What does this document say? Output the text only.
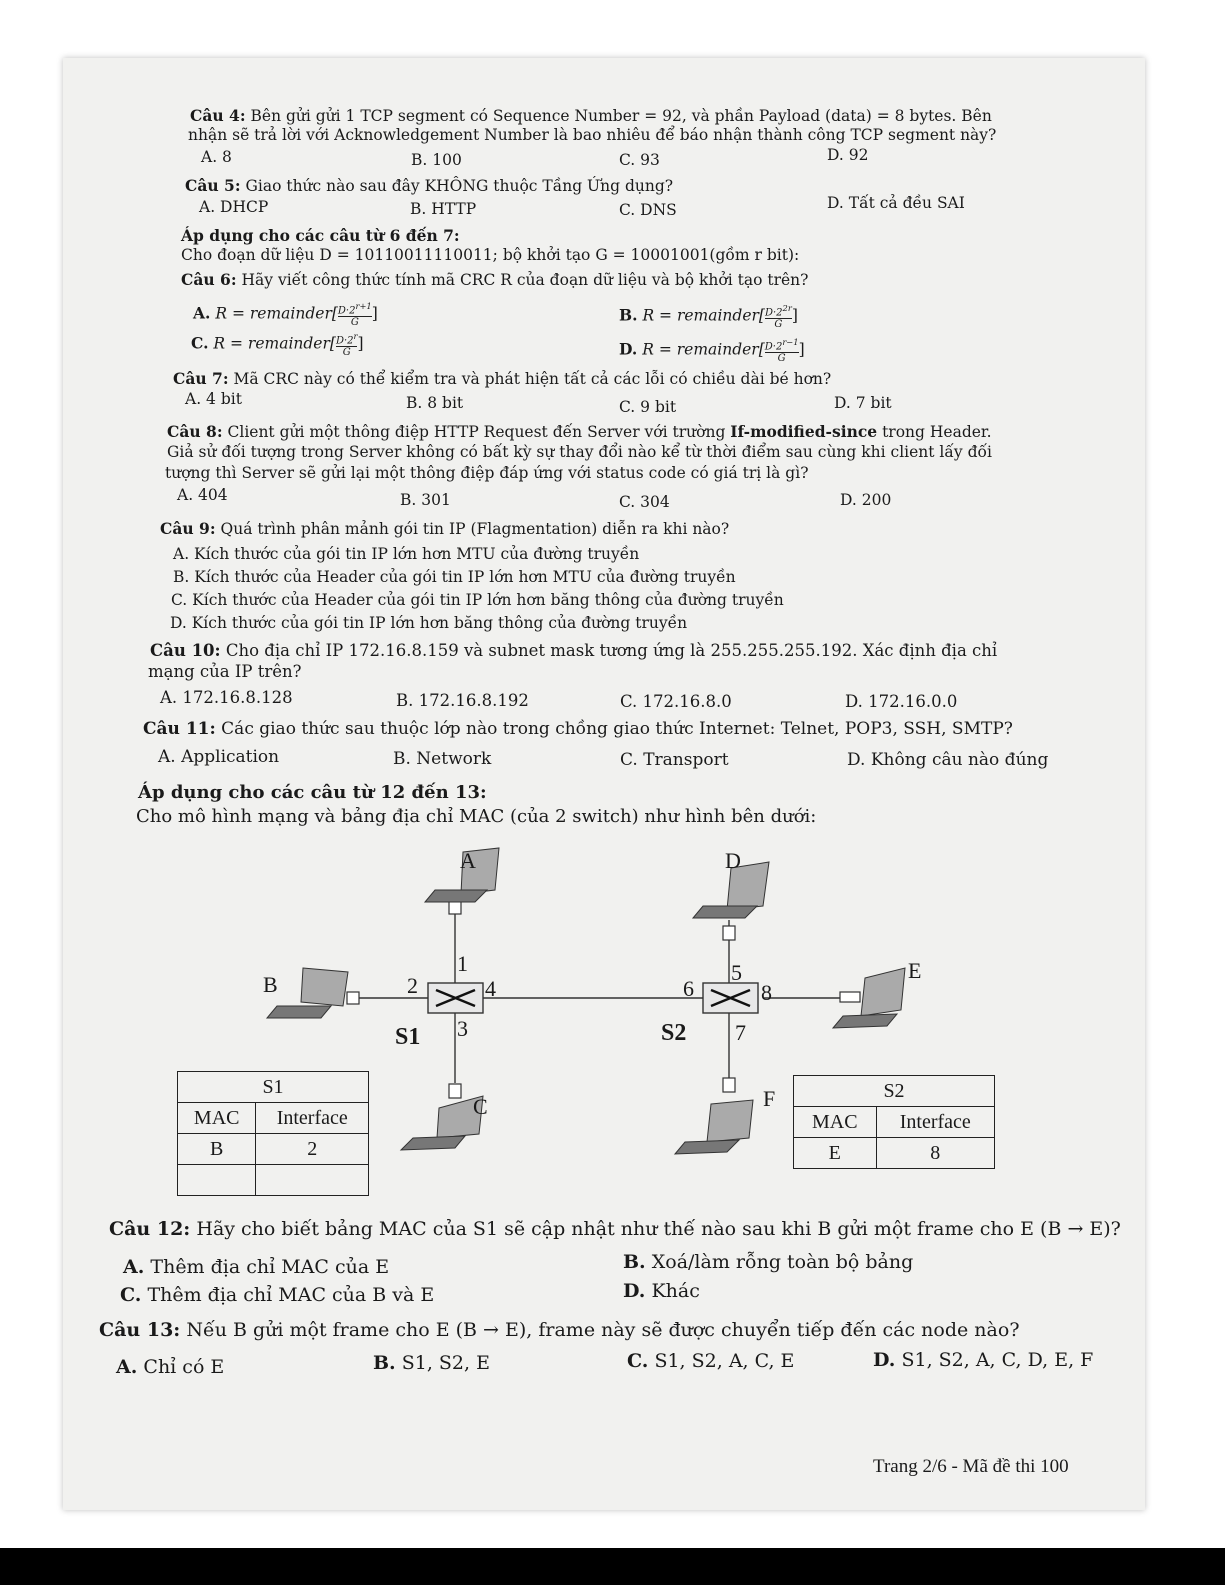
Câu 4: Bên gửi gửi 1 TCP segment có Sequence Number = 92, và phần Payload (data) = 8 bytes. Bên
nhận sẽ trả lời với Acknowledgement Number là bao nhiêu để báo nhận thành công TCP segment này?
A. 8	B. 100	C. 93	D. 92
Câu 5: Giao thức nào sau đây KHÔNG thuộc Tầng Ứng dụng?
A. DHCP	B. HTTP	C. DNS	D. Tất cả đều SAI
Áp dụng cho các câu từ 6 đến 7:
Cho đoạn dữ liệu D = 10110011110011; bộ khởi tạo G = 10001001(gồm r bit):
Câu 6: Hãy viết công thức tính mã CRC R của đoạn dữ liệu và bộ khởi tạo trên?
A. R = remainder[ $\frac{D\cdot 2^{r+1}}{G}$]	B. R = remainder[ $\frac{D\cdot 2^{2r}}{G}$]
C. R = remainder[ $\frac{D\cdot 2^r}{G}$]	D. R = remainder[ $\frac{D\cdot 2^{r-1}}{G}$]
Câu 7: Mã CRC này có thể kiểm tra và phát hiện tất cả các lỗi có chiều dài bé hơn?
A. 4 bit	B. 8 bit	C. 9 bit	D. 7 bit
Câu 8: Client gửi một thông điệp HTTP Request đến Server với trường If-modified-since trong Header.
Giả sử đối tượng trong Server không có bất kỳ sự thay đổi nào kể từ thời điểm sau cùng khi client lấy đối
tượng thì Server sẽ gửi lại một thông điệp đáp ứng với status code có giá trị là gì?
A. 404	B. 301	C. 304	D. 200
Câu 9: Quá trình phân mảnh gói tin IP (Flagmentation) diễn ra khi nào?
A. Kích thước của gói tin IP lớn hơn MTU của đường truyền
B. Kích thước của Header của gói tin IP lớn hơn MTU của đường truyền
C. Kích thước của Header của gói tin IP lớn hơn băng thông của đường truyền
D. Kích thước của gói tin IP lớn hơn băng thông của đường truyền
Câu 10: Cho địa chỉ IP 172.16.8.159 và subnet mask tương ứng là 255.255.255.192. Xác định địa chỉ
mạng của IP trên?
A. 172.16.8.128	B. 172.16.8.192	C. 172.16.8.0	D. 172.16.0.0
Câu 11: Các giao thức sau thuộc lớp nào trong chồng giao thức Internet: Telnet, POP3, SSH, SMTP?
A. Application	B. Network	C. Transport	D. Không câu nào đúng
Áp dụng cho các câu từ 12 đến 13:
Cho mô hình mạng và bảng địa chỉ MAC (của 2 switch) như hình bên dưới:
A	D
B
E
C	F
S1	S2
1
2
3
4
5
6
7
8
S1	
MAC	Interface
B	2

S2	
MAC	Interface
E	8
Câu 12: Hãy cho biết bảng MAC của S1 sẽ cập nhật như thế nào sau khi B gửi một frame cho E (B → E)?
A. Thêm địa chỉ MAC của E	B. Xoá/làm rỗng toàn bộ bảng
C. Thêm địa chỉ MAC của B và E	D. Khác
Câu 13: Nếu B gửi một frame cho E (B → E), frame này sẽ được chuyển tiếp đến các node nào?
A. Chỉ có E	B. S1, S2, E	C. S1, S2, A, C, E	D. S1, S2, A, C, D, E, F
Trang 2/6 - Mã đề thi 100
